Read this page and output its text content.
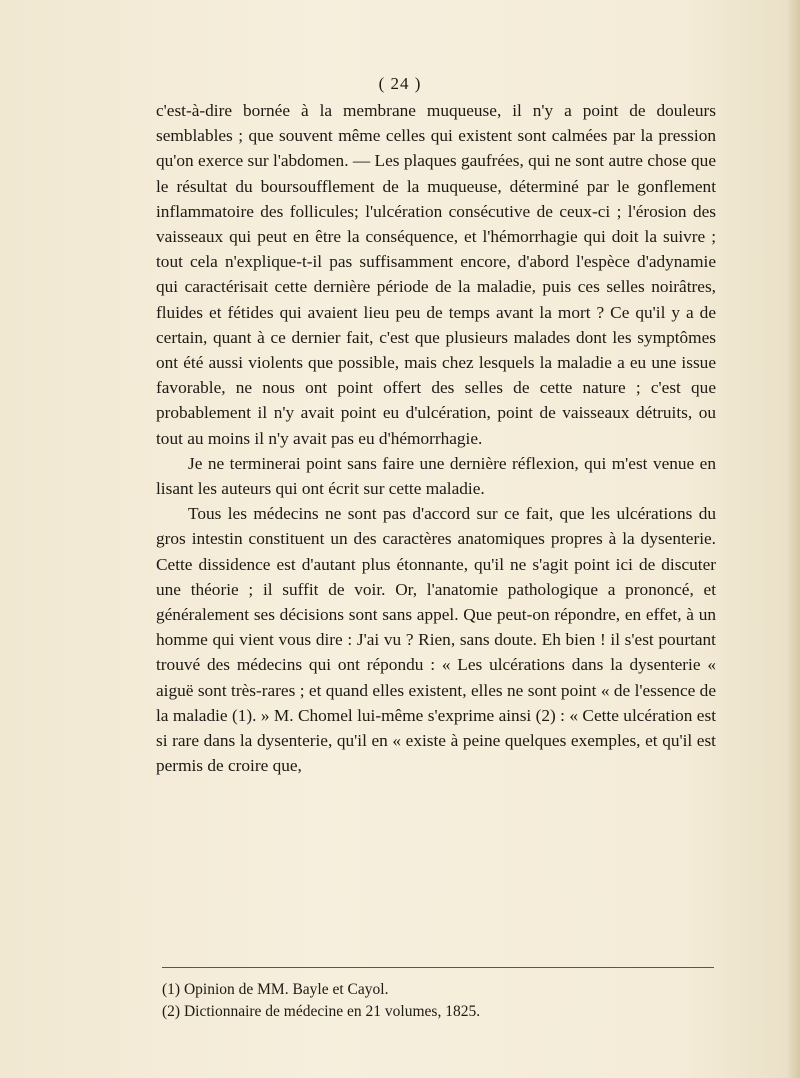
( 24 )

c'est-à-dire bornée à la membrane muqueuse, il n'y a point de douleurs semblables ; que souvent même celles qui existent sont calmées par la pression qu'on exerce sur l'abdomen. — Les plaques gaufrées, qui ne sont autre chose que le résultat du boursoufflement de la muqueuse, déterminé par le gonflement inflammatoire des follicules; l'ulcération consécutive de ceux-ci ; l'érosion des vaisseaux qui peut en être la conséquence, et l'hémorrhagie qui doit la suivre ; tout cela n'explique-t-il pas suffisamment encore, d'abord l'espèce d'adynamie qui caractérisait cette dernière période de la maladie, puis ces selles noirâtres, fluides et fétides qui avaient lieu peu de temps avant la mort ? Ce qu'il y a de certain, quant à ce dernier fait, c'est que plusieurs malades dont les symptômes ont été aussi violents que possible, mais chez lesquels la maladie a eu une issue favorable, ne nous ont point offert des selles de cette nature ; c'est que probablement il n'y avait point eu d'ulcération, point de vaisseaux détruits, ou tout au moins il n'y avait pas eu d'hémorrhagie.

Je ne terminerai point sans faire une dernière réflexion, qui m'est venue en lisant les auteurs qui ont écrit sur cette maladie.

Tous les médecins ne sont pas d'accord sur ce fait, que les ulcérations du gros intestin constituent un des caractères anatomiques propres à la dysenterie. Cette dissidence est d'autant plus étonnante, qu'il ne s'agit point ici de discuter une théorie ; il suffit de voir. Or, l'anatomie pathologique a prononcé, et généralement ses décisions sont sans appel. Que peut-on répondre, en effet, à un homme qui vient vous dire : J'ai vu ? Rien, sans doute. Eh bien ! il s'est pourtant trouvé des médecins qui ont répondu : « Les ulcérations dans la dysenterie « aiguë sont très-rares ; et quand elles existent, elles ne sont point « de l'essence de la maladie (1). » M. Chomel lui-même s'exprime ainsi (2) : « Cette ulcération est si rare dans la dysenterie, qu'il en « existe à peine quelques exemples, et qu'il est permis de croire que,

(1) Opinion de MM. Bayle et Cayol.

(2) Dictionnaire de médecine en 21 volumes, 1825.
